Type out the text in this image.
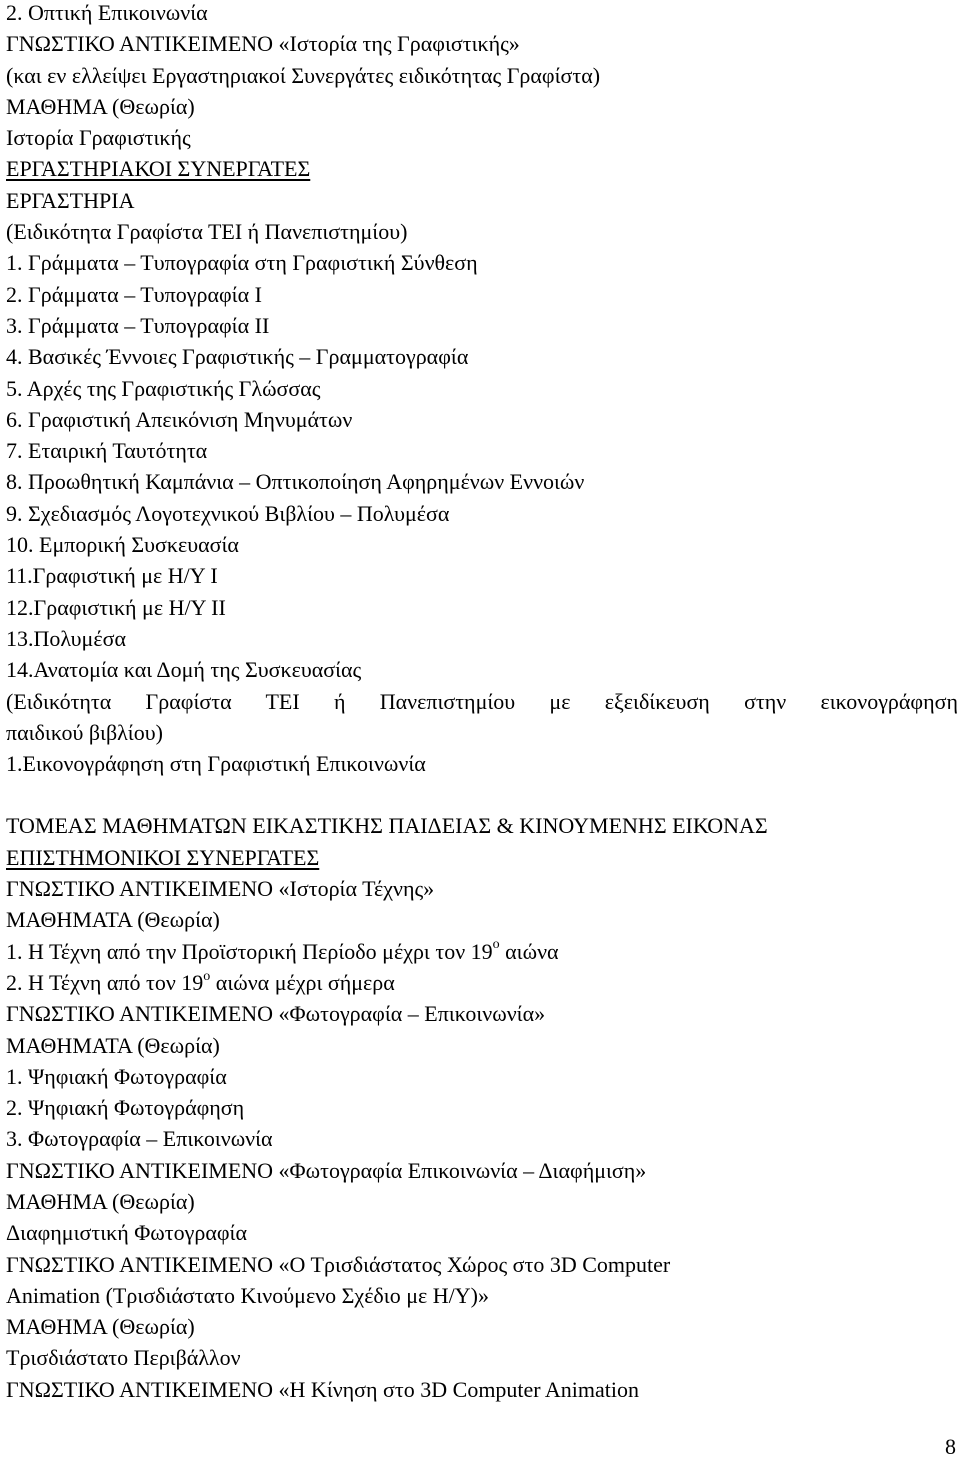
2. Οπτική Επικοινωνία
ΓΝΩΣΤΙΚΟ ΑΝΤΙΚΕΙΜΕΝΟ «Ιστορία της Γραφιστικής»
(και εν ελλείψει Εργαστηριακοί Συνεργάτες ειδικότητας Γραφίστα)
ΜΑΘΗΜΑ (Θεωρία)
Ιστορία Γραφιστικής
ΕΡΓΑΣΤΗΡΙΑΚΟΙ ΣΥΝΕΡΓΑΤΕΣ
ΕΡΓΑΣΤΗΡΙΑ
(Ειδικότητα Γραφίστα ΤΕΙ ή Πανεπιστημίου)
1. Γράμματα – Τυπογραφία στη Γραφιστική Σύνθεση
2. Γράμματα – Τυπογραφία Ι
3. Γράμματα – Τυπογραφία ΙΙ
4. Βασικές Έννοιες Γραφιστικής – Γραμματογραφία
5. Αρχές της Γραφιστικής Γλώσσας
6. Γραφιστική Απεικόνιση Μηνυμάτων
7. Εταιρική Ταυτότητα
8. Προωθητική Καμπάνια – Οπτικοποίηση Αφηρημένων Εννοιών
9. Σχεδιασμός Λογοτεχνικού Βιβλίου – Πολυμέσα
10. Εμπορική Συσκευασία
11.Γραφιστική με Η/Υ Ι
12.Γραφιστική με Η/Υ ΙΙ
13.Πολυμέσα
14.Ανατομία και Δομή της Συσκευασίας
(Ειδικότητα Γραφίστα ΤΕΙ ή Πανεπιστημίου με εξειδίκευση στην εικονογράφηση
παιδικού βιβλίου)
1.Εικονογράφηση στη Γραφιστική Επικοινωνία
ΤΟΜΕΑΣ ΜΑΘΗΜΑΤΩΝ ΕΙΚΑΣΤΙΚΗΣ ΠΑΙΔΕΙΑΣ & ΚΙΝΟΥΜΕΝΗΣ ΕΙΚΟΝΑΣ
ΕΠΙΣΤΗΜΟΝΙΚΟΙ ΣΥΝΕΡΓΑΤΕΣ
ΓΝΩΣΤΙΚΟ ΑΝΤΙΚΕΙΜΕΝΟ «Ιστορία Τέχνης»
ΜΑΘΗΜΑΤΑ (Θεωρία)
1. Η Τέχνη από την Προϊστορική Περίοδο μέχρι τον $19^o$ αιώνα
2. Η Τέχνη από τον $19^o$ αιώνα μέχρι σήμερα
ΓΝΩΣΤΙΚΟ ΑΝΤΙΚΕΙΜΕΝΟ «Φωτογραφία – Επικοινωνία»
ΜΑΘΗΜΑΤΑ (Θεωρία)
1. Ψηφιακή Φωτογραφία
2. Ψηφιακή Φωτογράφηση
3. Φωτογραφία – Επικοινωνία
ΓΝΩΣΤΙΚΟ ΑΝΤΙΚΕΙΜΕΝΟ «Φωτογραφία Επικοινωνία – Διαφήμιση»
ΜΑΘΗΜΑ (Θεωρία)
Διαφημιστική Φωτογραφία
ΓΝΩΣΤΙΚΟ ΑΝΤΙΚΕΙΜΕΝΟ «Ο Τρισδιάστατος Χώρος στο 3D Computer
Animation (Τρισδιάστατο Κινούμενο Σχέδιο με Η/Υ)»
ΜΑΘΗΜΑ (Θεωρία)
Τρισδιάστατο Περιβάλλον
ΓΝΩΣΤΙΚΟ ΑΝΤΙΚΕΙΜΕΝΟ «Η Κίνηση στο 3D Computer Animation
8
